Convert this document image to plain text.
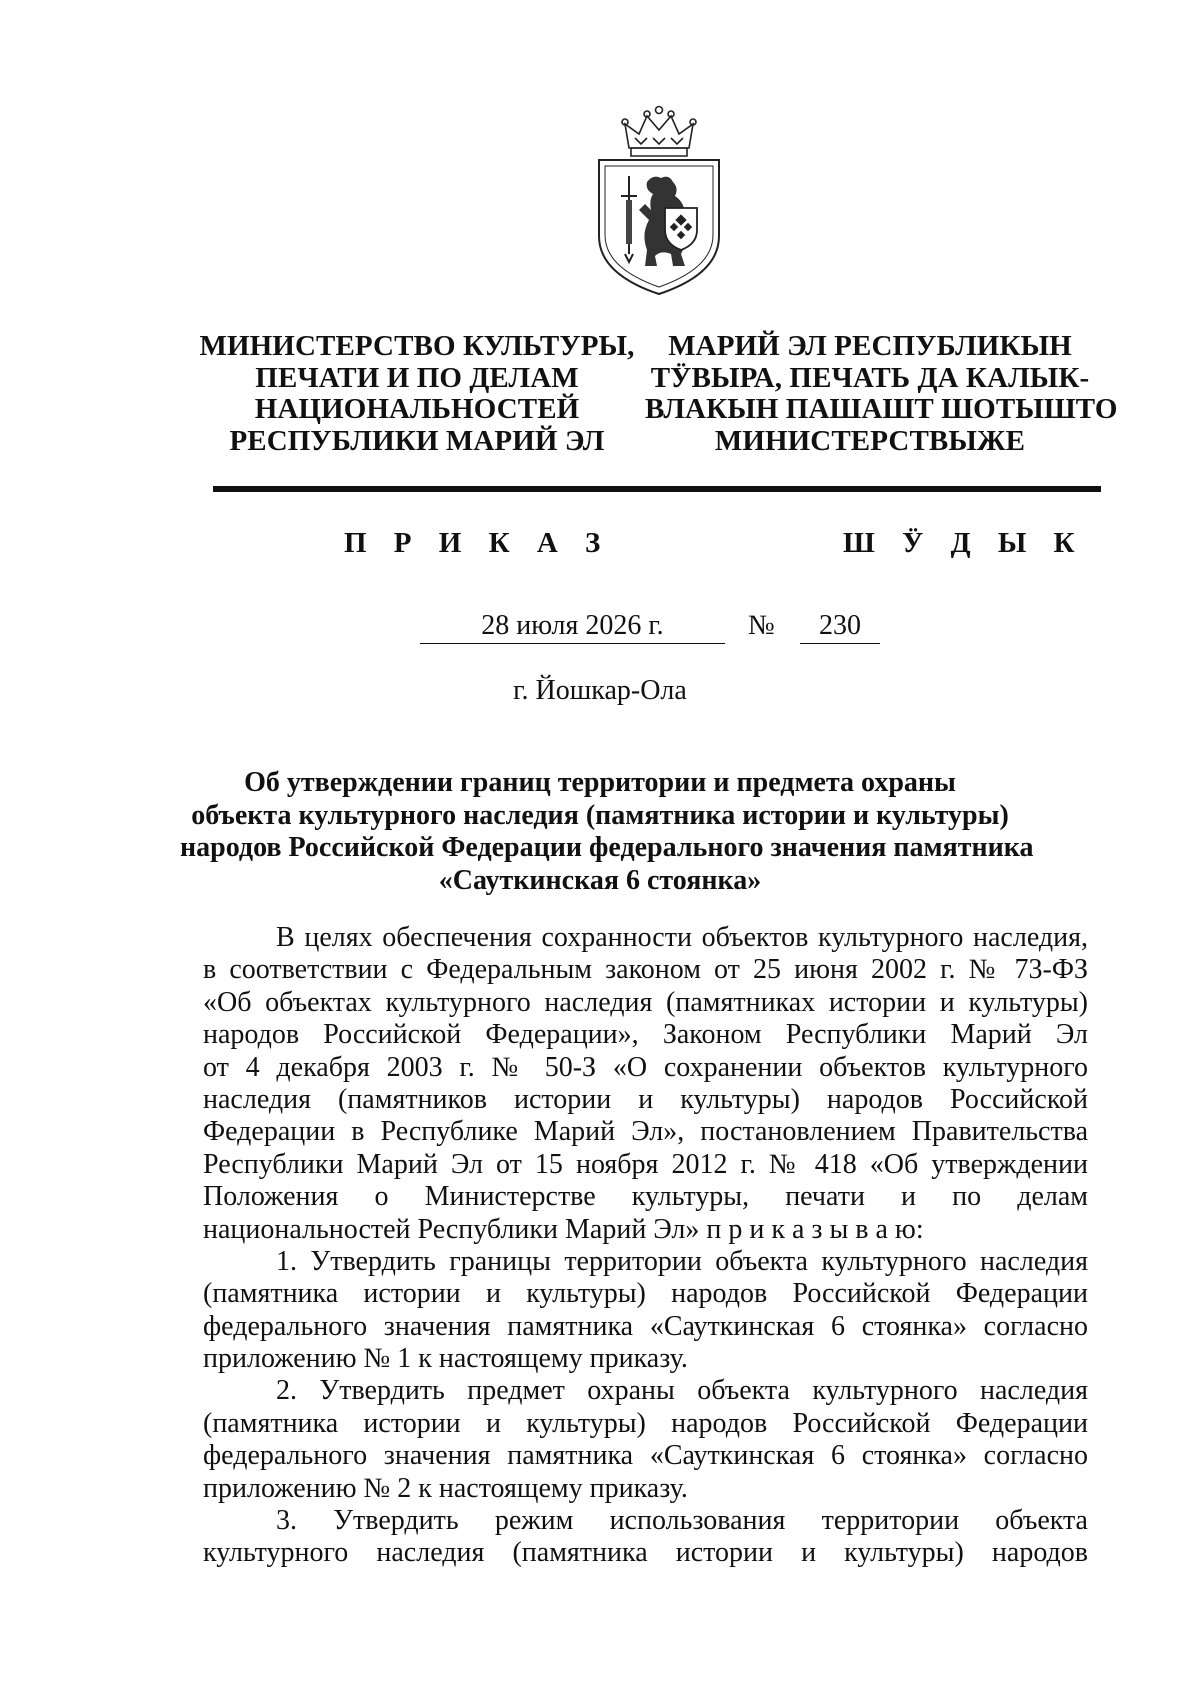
МИНИСТЕРСТВО КУЛЬТУРЫ,
ПЕЧАТИ И ПО ДЕЛАМ
НАЦИОНАЛЬНОСТЕЙ
РЕСПУБЛИКИ МАРИЙ ЭЛ
МАРИЙ ЭЛ РЕСПУБЛИКЫН
ТӰВЫРА, ПЕЧАТЬ ДА КАЛЫК-
ВЛАКЫН ПАШАШТ ШОТЫШТО
МИНИСТЕРСТВЫЖЕ
П Р И К А З	Ш Ӱ Д Ы К
28 июля 2026 г.	№	230
г. Йошкар-Ола
Об утверждении границ территории и предмета охраны
объекта культурного наследия (памятника истории и культуры)
народов Российской Федерации федерального значения памятника
«Сауткинская 6 стоянка»
В целях обеспечения сохранности объектов культурного наследия,
в соответствии с Федеральным законом от 25 июня 2002 г. № 73-ФЗ
«Об объектах культурного наследия (памятниках истории и культуры)
народов Российской Федерации», Законом Республики Марий Эл
от 4 декабря 2003 г. № 50-З «О сохранении объектов культурного
наследия (памятников истории и культуры) народов Российской
Федерации в Республике Марий Эл», постановлением Правительства
Республики Марий Эл от 15 ноября 2012 г. № 418 «Об утверждении
Положения о Министерстве культуры, печати и по делам
национальностей Республики Марий Эл» п р и к а з ы в а ю:
1. Утвердить границы территории объекта культурного наследия
(памятника истории и культуры) народов Российской Федерации
федерального значения памятника «Сауткинская 6 стоянка» согласно
приложению № 1 к настоящему приказу.
2. Утвердить предмет охраны объекта культурного наследия
(памятника истории и культуры) народов Российской Федерации
федерального значения памятника «Сауткинская 6 стоянка» согласно
приложению № 2 к настоящему приказу.
3. Утвердить режим использования территории объекта
культурного наследия (памятника истории и культуры) народов
